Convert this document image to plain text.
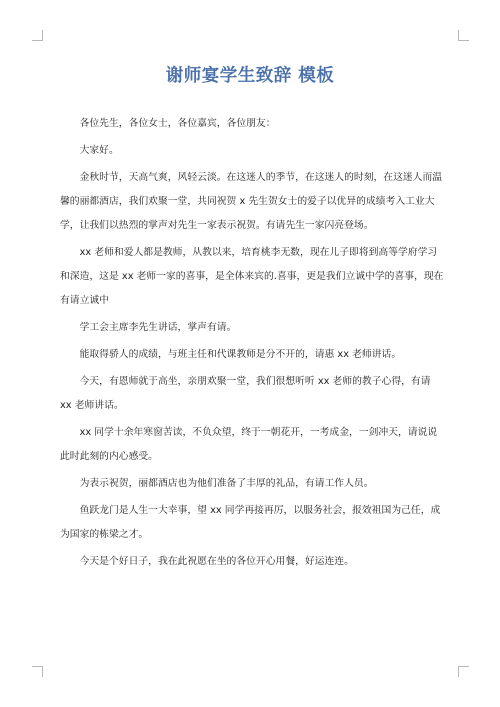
谢师宴学生致辞 模板

各位先生，各位女士，各位嘉宾，各位朋友：

大家好。

金秋时节，天高气爽，风轻云淡。在这迷人的季节，在这迷人的时刻，在这迷人而温馨的丽都酒店，我们欢聚一堂，共同祝贺 x 先生贺女士的爱子以优异的成绩考入工业大学，让我们以热烈的掌声对先生一家表示祝贺。有请先生一家闪亮登场。

xx 老师和爱人都是教师，从教以来，培育桃李无数，现在儿子即将到高等学府学习和深造，这是 xx 老师一家的喜事，是全体来宾的.喜事，更是我们立诚中学的喜事，现在有请立诚中

学工会主席李先生讲话，掌声有请。

能取得骄人的成绩，与班主任和代课教师是分不开的，请惠 xx 老师讲话。

今天，有恩师就于高坐，亲朋欢聚一堂，我们很想听听 xx 老师的教子心得，有请 xx 老师讲话。

xx 同学十余年寒窗苦读，不负众望，终于一朝花开，一考成金，一剑冲天，请说说此时此刻的内心感受。

为表示祝贺，丽都酒店也为他们准备了丰厚的礼品，有请工作人员。

鱼跃龙门是人生一大幸事，望 xx 同学再接再厉，以服务社会，报效祖国为己任，成为国家的栋梁之才。

今天是个好日子，我在此祝愿在坐的各位开心用餐，好运连连。
